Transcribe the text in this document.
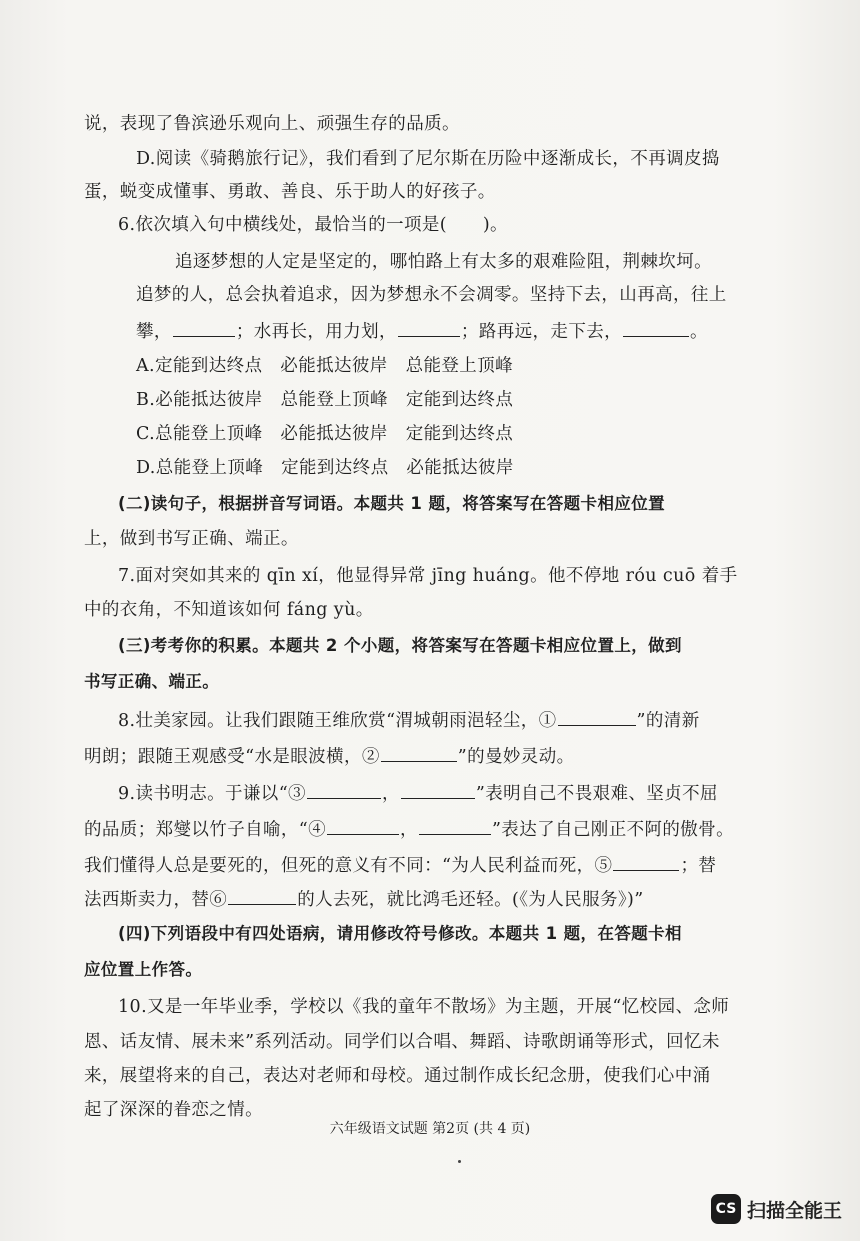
说，表现了鲁滨逊乐观向上、顽强生存的品质。
D.阅读《骑鹅旅行记》，我们看到了尼尔斯在历险中逐渐成长，不再调皮捣
蛋，蜕变成懂事、勇敢、善良、乐于助人的好孩子。
6.依次填入句中横线处，最恰当的一项是(　　)。
追逐梦想的人定是坚定的，哪怕路上有太多的艰难险阻，荆棘坎坷。
追梦的人，总会执着追求，因为梦想永不会凋零。坚持下去，山再高，往上
攀，	；水再长，用力划，	；路再远，走下去，	。
A.定能到达终点　必能抵达彼岸　总能登上顶峰
B.必能抵达彼岸　总能登上顶峰　定能到达终点
C.总能登上顶峰　必能抵达彼岸　定能到达终点
D.总能登上顶峰　定能到达终点　必能抵达彼岸
(二)读句子，根据拼音写词语。本题共 1 题，将答案写在答题卡相应位置
上，做到书写正确、端正。
7.面对突如其来的 qīn xí，他显得异常 jīng huáng。他不停地 róu cuō 着手
中的衣角，不知道该如何 fáng yù。
(三)考考你的积累。本题共 2 个小题，将答案写在答题卡相应位置上，做到
书写正确、端正。
8.壮美家园。让我们跟随王维欣赏“渭城朝雨浥轻尘，①	”的清新
明朗；跟随王观感受“水是眼波横，②	”的曼妙灵动。
9.读书明志。于谦以“③	，	”表明自己不畏艰难、坚贞不屈
的品质；郑燮以竹子自喻，“④	，	”表达了自己刚正不阿的傲骨。
我们懂得人总是要死的，但死的意义有不同：“为人民利益而死，⑤	；替
法西斯卖力，替⑥	的人去死，就比鸿毛还轻。(《为人民服务》)”
(四)下列语段中有四处语病，请用修改符号修改。本题共 1 题，在答题卡相
应位置上作答。
10.又是一年毕业季，学校以《我的童年不散场》为主题，开展“忆校园、念师
恩、话友情、展未来”系列活动。同学们以合唱、舞蹈、诗歌朗诵等形式，回忆未
来，展望将来的自己，表达对老师和母校。通过制作成长纪念册，使我们心中涌
起了深深的眷恋之情。
六年级语文试题 第2页 (共 4 页)
CS 扫描全能王
